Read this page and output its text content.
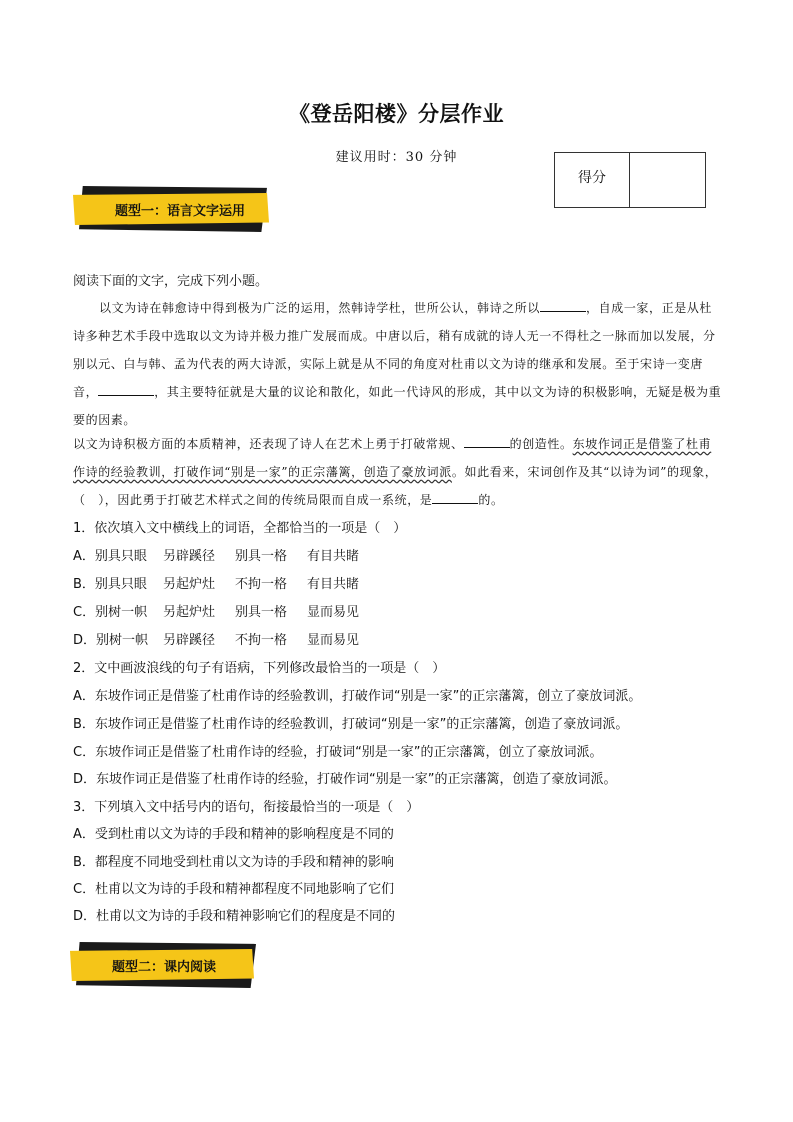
《登岳阳楼》分层作业
建议用时：30 分钟
得分
题型一：语言文字运用
阅读下面的文字，完成下列小题。
以文为诗在韩愈诗中得到极为广泛的运用，然韩诗学杜，世所公认，韩诗之所以	，自成一家，正是从杜诗多种艺术手段中选取以文为诗并极力推广发展而成。中唐以后，稍有成就的诗人无一不得杜之一脉而加以发展，分别以元、白与韩、孟为代表的两大诗派，实际上就是从不同的角度对杜甫以文为诗的继承和发展。至于宋诗一变唐音，	，其主要特征就是大量的议论和散化，如此一代诗风的形成，其中以文为诗的积极影响，无疑是极为重要的因素。
以文为诗积极方面的本质精神，还表现了诗人在艺术上勇于打破常规、	的创造性。东坡作词正是借鉴了杜甫作诗的经验教训，打破作词“别是一家”的正宗藩篱，创造了豪放词派。如此看来，宋词创作及其“以诗为词”的现象，（　），因此勇于打破艺术样式之间的传统局限而自成一系统，是	的。
1．依次填入文中横线上的词语，全都恰当的一项是（　）
A．别具只眼 另辟蹊径 别具一格 有目共睹
B．别具只眼 另起炉灶 不拘一格 有目共睹
C．别树一帜 另起炉灶 别具一格 显而易见
D．别树一帜 另辟蹊径 不拘一格 显而易见
2．文中画波浪线的句子有语病，下列修改最恰当的一项是（　）
A．东坡作词正是借鉴了杜甫作诗的经验教训，打破作词“别是一家”的正宗藩篱，创立了豪放词派。
B．东坡作词正是借鉴了杜甫作诗的经验教训，打破词“别是一家”的正宗藩篱，创造了豪放词派。
C．东坡作词正是借鉴了杜甫作诗的经验，打破词“别是一家”的正宗藩篱，创立了豪放词派。
D．东坡作词正是借鉴了杜甫作诗的经验，打破作词“别是一家”的正宗藩篱，创造了豪放词派。
3．下列填入文中括号内的语句，衔接最恰当的一项是（　）
A．受到杜甫以文为诗的手段和精神的影响程度是不同的
B．都程度不同地受到杜甫以文为诗的手段和精神的影响
C．杜甫以文为诗的手段和精神都程度不同地影响了它们
D．杜甫以文为诗的手段和精神影响它们的程度是不同的
题型二：课内阅读
